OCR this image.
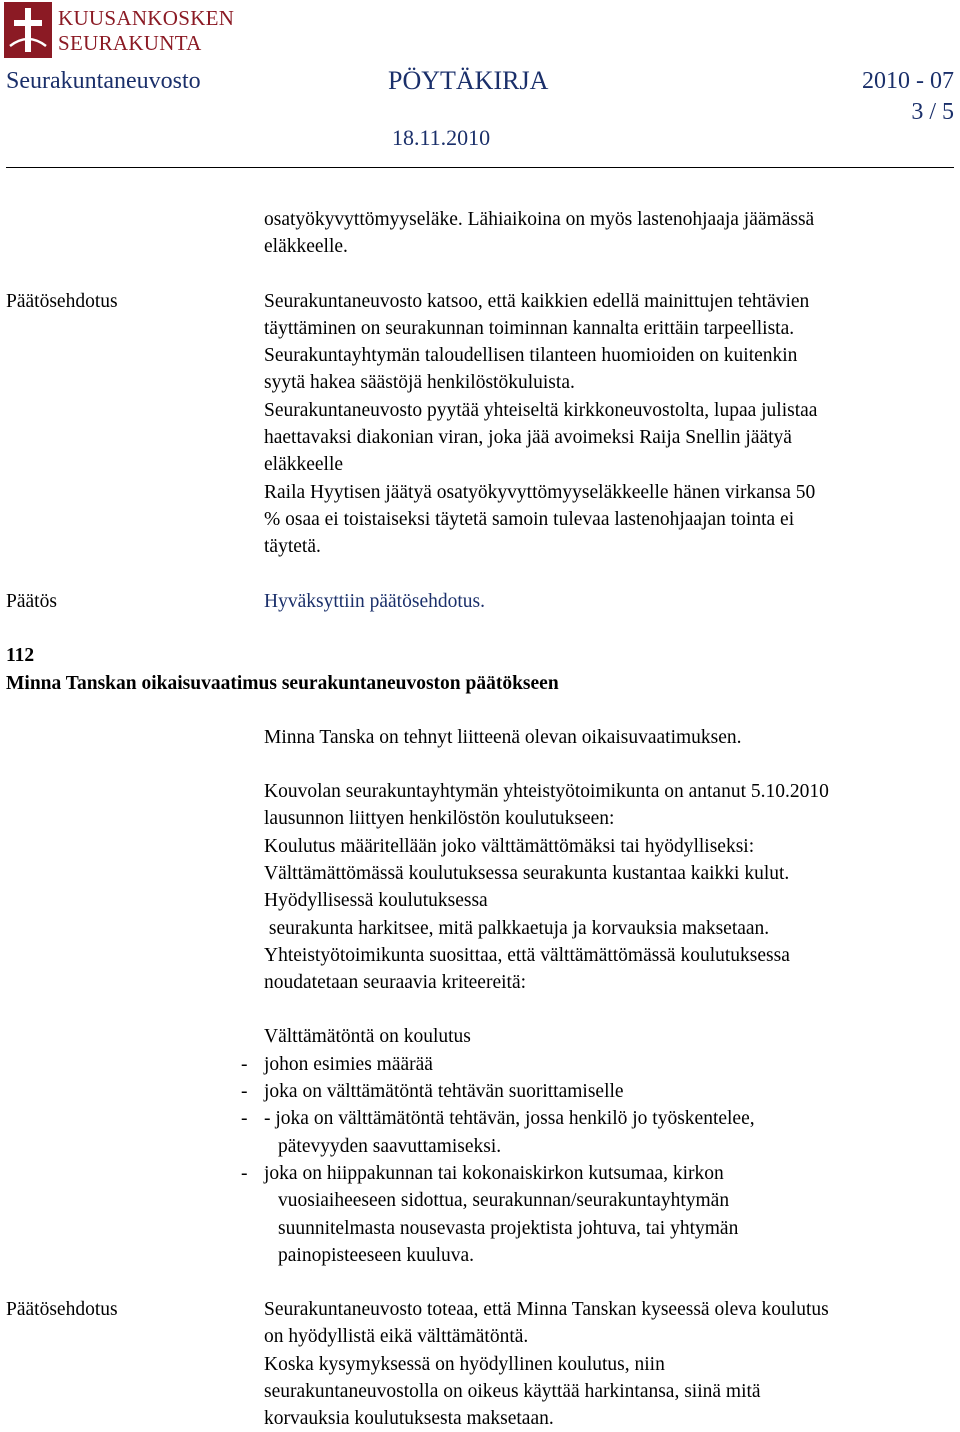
KUUSANKOSKEN
SEURAKUNTA
Seurakuntaneuvosto	PÖYTÄKIRJA	2010 - 07
3 / 5
18.11.2010
osatyökyvyttömyyseläke. Lähiaikoina on myös lastenohjaaja jäämässä
eläkkeelle.
Päätösehdotus	Seurakuntaneuvosto katsoo, että kaikkien edellä mainittujen tehtävien
täyttäminen on seurakunnan toiminnan kannalta erittäin tarpeellista.
Seurakuntayhtymän taloudellisen tilanteen huomioiden on kuitenkin
syytä hakea säästöjä henkilöstökuluista.
Seurakuntaneuvosto pyytää yhteiseltä kirkkoneuvostolta, lupaa julistaa
haettavaksi diakonian viran, joka jää avoimeksi Raija Snellin jäätyä
eläkkeelle
Raila Hyytisen jäätyä osatyökyvyttömyyseläkkeelle hänen virkansa 50
% osaa ei toistaiseksi täytetä samoin tulevaa lastenohjaajan tointa ei
täytetä.
Päätös	Hyväksyttiin päätösehdotus.
112
Minna Tanskan oikaisuvaatimus seurakuntaneuvoston päätökseen
Minna Tanska on tehnyt liitteenä olevan oikaisuvaatimuksen.
Kouvolan seurakuntayhtymän yhteistyötoimikunta on antanut 5.10.2010
lausunnon liittyen henkilöstön koulutukseen:
Koulutus määritellään joko välttämättömäksi tai hyödylliseksi:
Välttämättömässä koulutuksessa seurakunta kustantaa kaikki kulut.
Hyödyllisessä koulutuksessa
seurakunta harkitsee, mitä palkkaetuja ja korvauksia maksetaan.
Yhteistyötoimikunta suosittaa, että välttämättömässä koulutuksessa
noudatetaan seuraavia kriteereitä:
Välttämätöntä on koulutus
- johon esimies määrää
- joka on välttämätöntä tehtävän suorittamiselle
- - joka on välttämätöntä tehtävän, jossa henkilö jo työskentelee,
pätevyyden saavuttamiseksi.
- joka on hiippakunnan tai kokonaiskirkon kutsumaa, kirkon
vuosiaiheeseen sidottua, seurakunnan/seurakuntayhtymän
suunnitelmasta nousevasta projektista johtuva, tai yhtymän
painopisteeseen kuuluva.
Päätösehdotus	Seurakuntaneuvosto toteaa, että Minna Tanskan kyseessä oleva koulutus
on hyödyllistä eikä välttämätöntä.
Koska kysymyksessä on hyödyllinen koulutus, niin
seurakuntaneuvostolla on oikeus käyttää harkintansa, siinä mitä
korvauksia koulutuksesta maksetaan.
